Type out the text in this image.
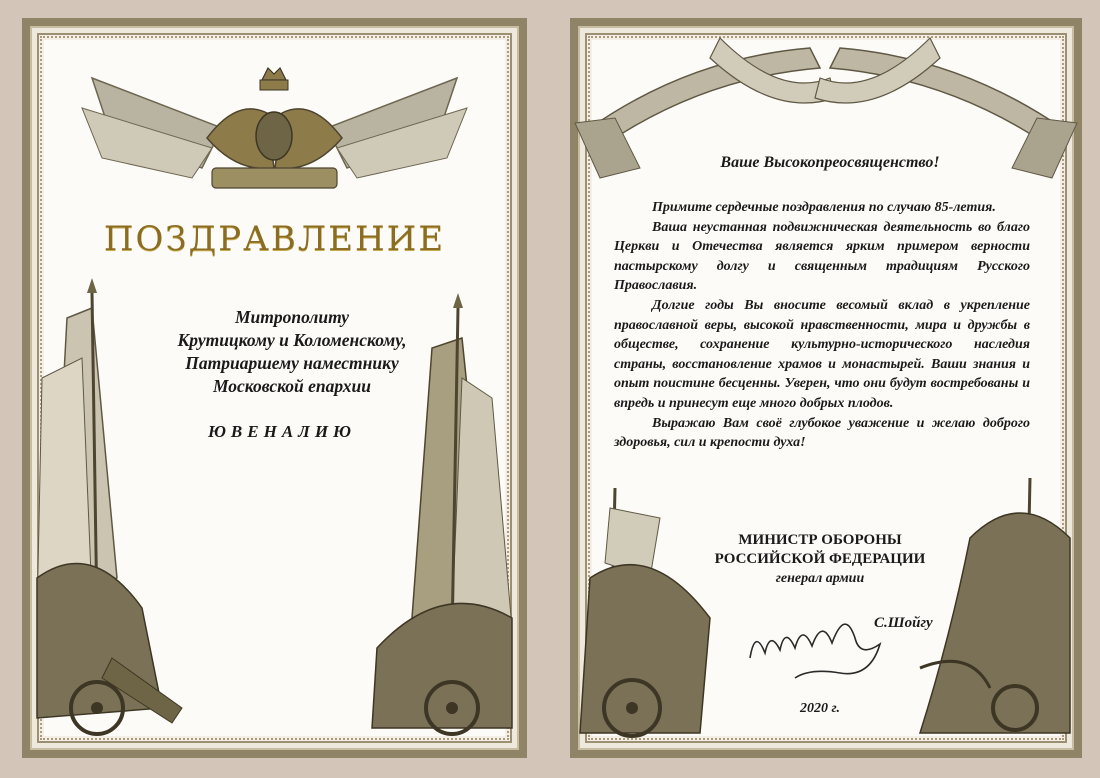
ПОЗДРАВЛЕНИЕ
Митрополиту
Крутицкому и Коломенскому,
Патриаршему наместнику
Московской епархии
ЮВЕНАЛИЮ
Ваше Высокопреосвященство!

Примите сердечные поздравления по случаю 85-летия.

Ваша неустанная подвижническая деятельность во благо Церкви и Отечества является ярким примером верности пастырскому долгу и священным традициям Русского Православия.

Долгие годы Вы вносите весомый вклад в укрепление православной веры, высокой нравственности, мира и дружбы в обществе, сохранение культурно-исторического наследия страны, восстановление храмов и монастырей. Ваши знания и опыт поистине бесценны. Уверен, что они будут востребованы и впредь и принесут еще много добрых плодов.

Выражаю Вам своё глубокое уважение и желаю доброго здоровья, сил и крепости духа!

МИНИСТР ОБОРОНЫ
РОССИЙСКОЙ ФЕДЕРАЦИИ
генерал армии
С.Шойгу
2020 г.
